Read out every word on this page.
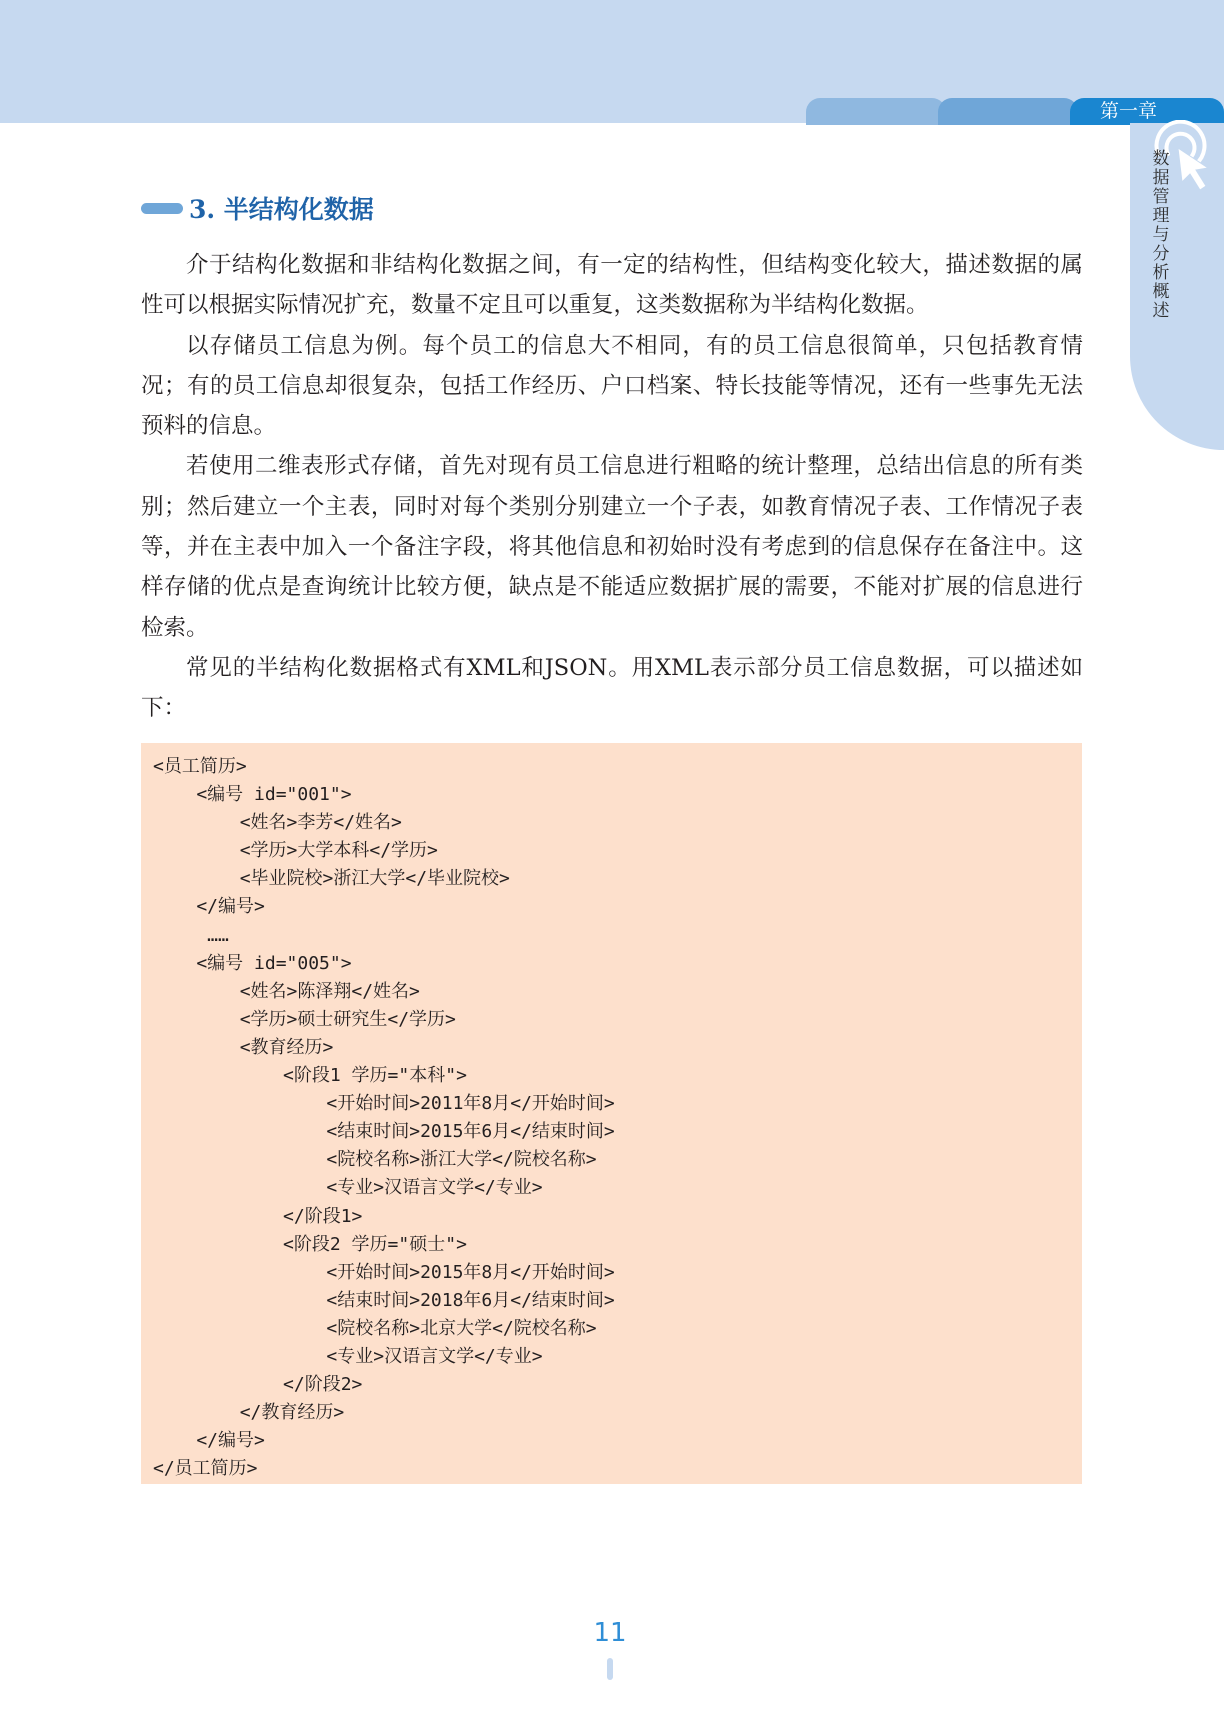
第一章
数据管理与分析概述
3. 半结构化数据

介于结构化数据和非结构化数据之间，有一定的结构性，但结构变化较大，描述数据的属性可以根据实际情况扩充，数量不定且可以重复，这类数据称为半结构化数据。

以存储员工信息为例。每个员工的信息大不相同，有的员工信息很简单，只包括教育情况；有的员工信息却很复杂，包括工作经历、户口档案、特长技能等情况，还有一些事先无法预料的信息。

若使用二维表形式存储，首先对现有员工信息进行粗略的统计整理，总结出信息的所有类别；然后建立一个主表，同时对每个类别分别建立一个子表，如教育情况子表、工作情况子表等，并在主表中加入一个备注字段，将其他信息和初始时没有考虑到的信息保存在备注中。这样存储的优点是查询统计比较方便，缺点是不能适应数据扩展的需要，不能对扩展的信息进行检索。

常见的半结构化数据格式有XML和JSON。用XML表示部分员工信息数据，可以描述如下：

<员工简历>
<编号 id="001">
<姓名>李芳</姓名>
<学历>大学本科</学历>
<毕业院校>浙江大学</毕业院校>
</编号>
……
<编号 id="005">
<姓名>陈泽翔</姓名>
<学历>硕士研究生</学历>
<教育经历>
<阶段1 学历="本科">
<开始时间>2011年8月</开始时间>
<结束时间>2015年6月</结束时间>
<院校名称>浙江大学</院校名称>
<专业>汉语言文学</专业>
</阶段1>
<阶段2 学历="硕士">
<开始时间>2015年8月</开始时间>
<结束时间>2018年6月</结束时间>
<院校名称>北京大学</院校名称>
<专业>汉语言文学</专业>
</阶段2>
</教育经历>
</编号>
</员工简历>
11
